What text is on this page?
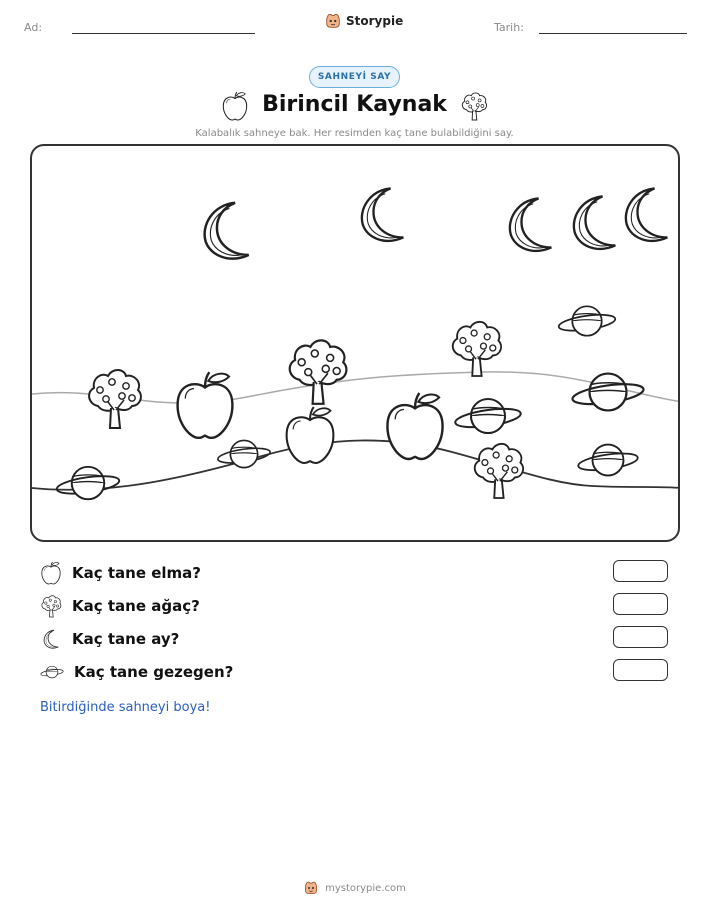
Ad:	Storypie	Tarih:
SAHNEYİ SAY
Birincil Kaynak
Kalabalık sahneye bak. Her resimden kaç tane bulabildiğini say.
Kaç tane elma?
Kaç tane ağaç?
Kaç tane ay?
Kaç tane gezegen?
Bitirdiğinde sahneyi boya!
mystorypie.com
